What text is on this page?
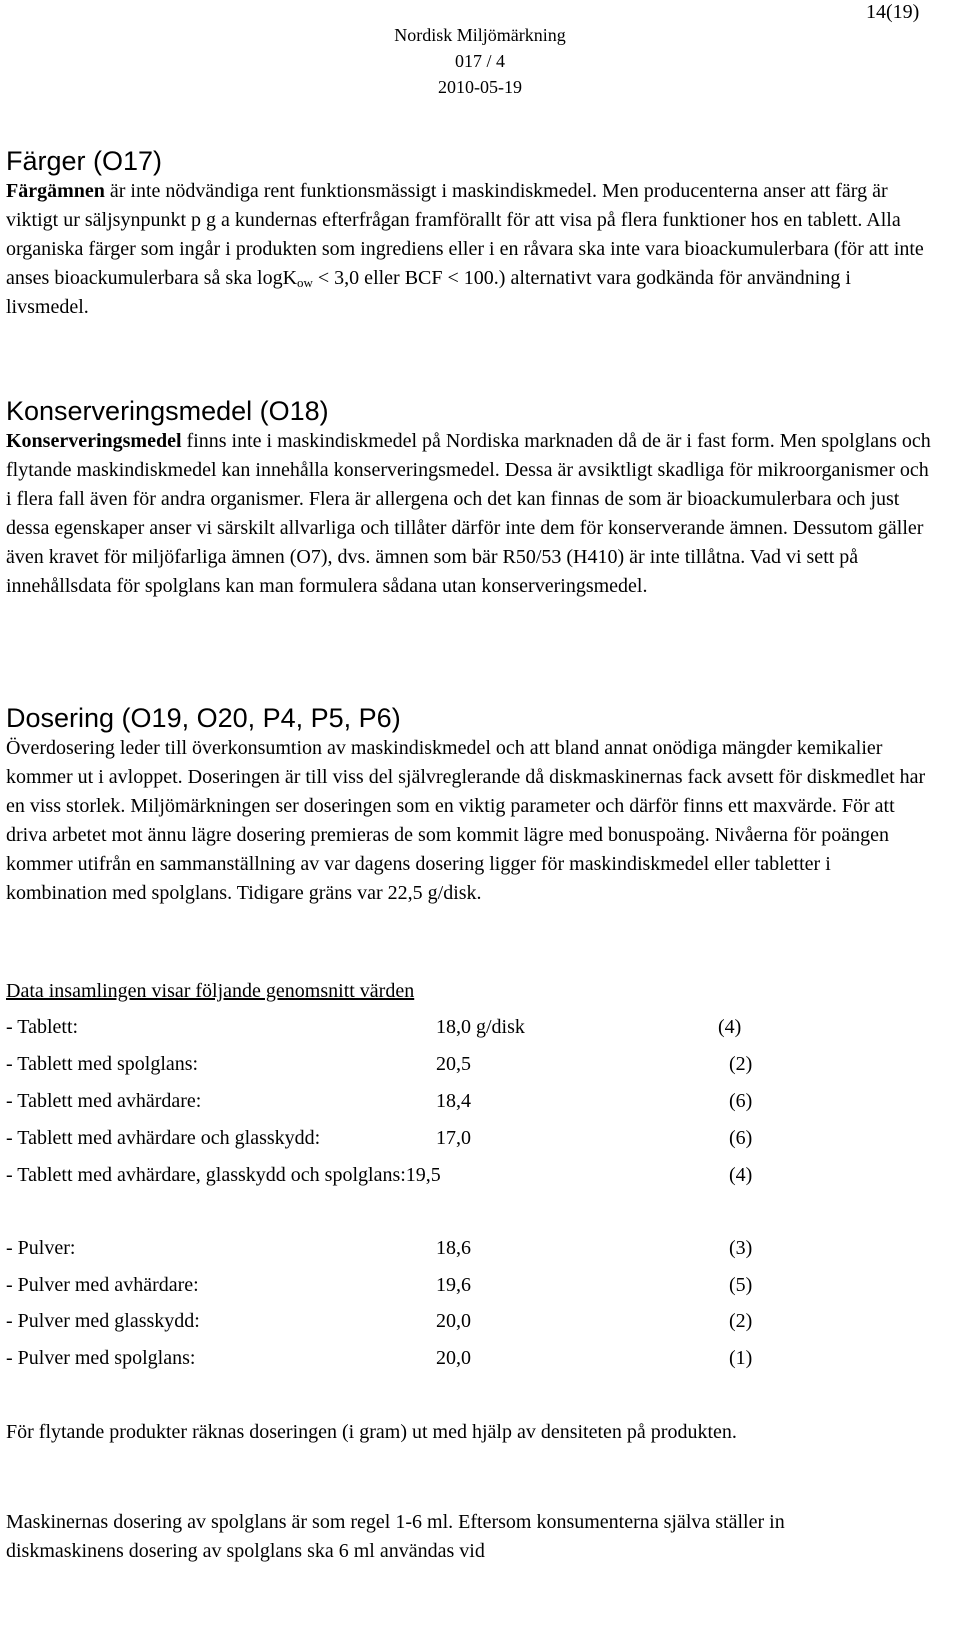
14(19)
Nordisk Miljömärkning
017 / 4
2010-05-19
Färger (O17)

Färgämnen är inte nödvändiga rent funktionsmässigt i maskindiskmedel. Men producenterna anser att färg är viktigt ur säljsynpunkt p g a kundernas efterfrågan framförallt för att visa på flera funktioner hos en tablett. Alla organiska färger som ingår i produkten som ingrediens eller i en råvara ska inte vara bioackumulerbara (för att inte anses bioackumulerbara så ska logK$_{ow}$ < 3,0 eller BCF < 100.) alternativt vara godkända för användning i livsmedel.

Konserveringsmedel (O18)

Konserveringsmedel finns inte i maskindiskmedel på Nordiska marknaden då de är i fast form. Men spolglans och flytande maskindiskmedel kan innehålla konserveringsmedel. Dessa är avsiktligt skadliga för mikroorganismer och i flera fall även för andra organismer. Flera är allergena och det kan finnas de som är bioackumulerbara och just dessa egenskaper anser vi särskilt allvarliga och tillåter därför inte dem för konserverande ämnen. Dessutom gäller även kravet för miljöfarliga ämnen (O7), dvs. ämnen som bär R50/53 (H410) är inte tillåtna. Vad vi sett på innehållsdata för spolglans kan man formulera sådana utan konserveringsmedel.

Dosering (O19, O20, P4, P5, P6)

Överdosering leder till överkonsumtion av maskindiskmedel och att bland annat onödiga mängder kemikalier kommer ut i avloppet. Doseringen är till viss del självreglerande då diskmaskinernas fack avsett för diskmedlet har en viss storlek. Miljömärkningen ser doseringen som en viktig parameter och därför finns ett maxvärde. För att driva arbetet mot ännu lägre dosering premieras de som kommit lägre med bonuspoäng. Nivåerna för poängen kommer utifrån en sammanställning av var dagens dosering ligger för maskindiskmedel eller tabletter i kombination med spolglans. Tidigare gräns var 22,5 g/disk.

Data insamlingen visar följande genomsnitt värden
- Tablett:	18,0 g/disk	(4)
- Tablett med spolglans:	20,5	(2)
- Tablett med avhärdare:	18,4	(6)
- Tablett med avhärdare och glasskydd:	17,0	(6)
- Tablett med avhärdare, glasskydd och spolglans:19,5	(4)
- Pulver:	18,6	(3)
- Pulver med avhärdare:	19,6	(5)
- Pulver med glasskydd:	20,0	(2)
- Pulver med spolglans:	20,0	(1)

För flytande produkter räknas doseringen (i gram) ut med hjälp av densiteten på produkten.

Maskinernas dosering av spolglans är som regel 1-6 ml. Eftersom konsumenterna själva ställer in diskmaskinens dosering av spolglans ska 6 ml användas vid
